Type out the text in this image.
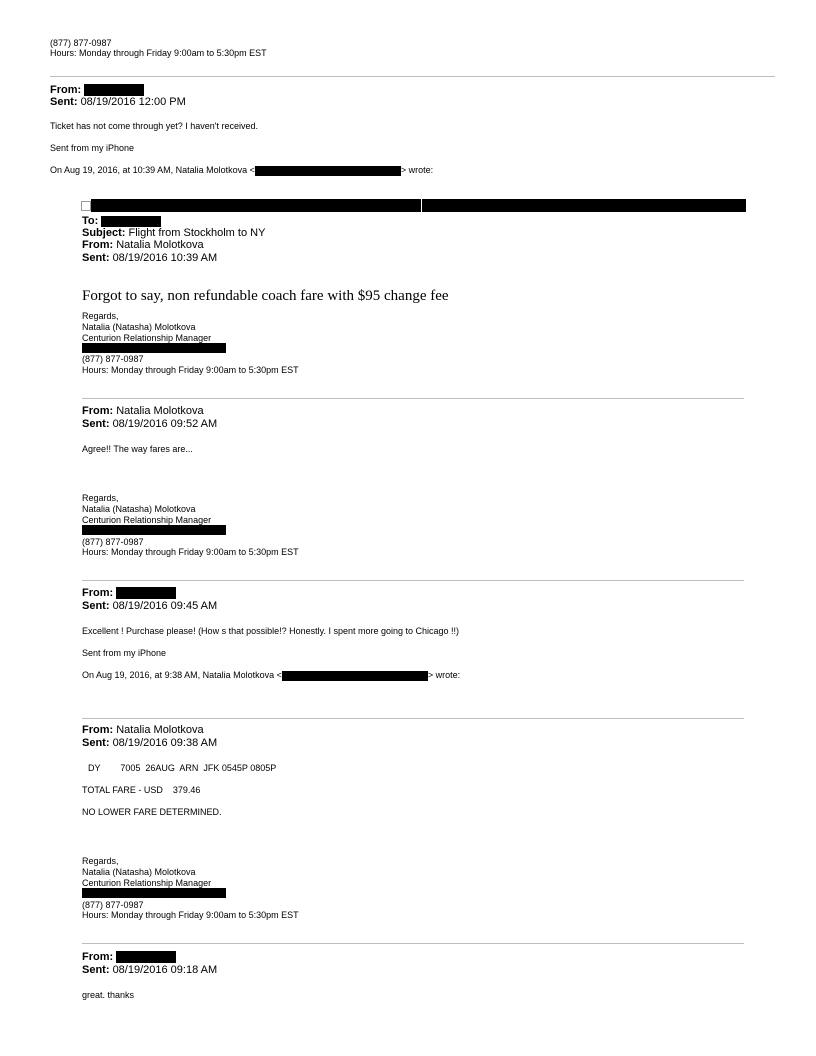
(877) 877-0987
Hours: Monday through Friday 9:00am to 5:30pm EST
From:
Sent: 08/19/2016 12:00 PM
Ticket has not come through yet? I haven't received.
Sent from my iPhone
On Aug 19, 2016, at 10:39 AM, Natalia Molotkova <	> wrote:
To:
Subject: Flight from Stockholm to NY
From: Natalia Molotkova
Sent: 08/19/2016 10:39 AM
Forgot to say, non refundable coach fare with $95 change fee
Regards,
Natalia (Natasha) Molotkova
Centurion Relationship Manager
(877) 877-0987
Hours: Monday through Friday 9:00am to 5:30pm EST
From: Natalia Molotkova
Sent: 08/19/2016 09:52 AM
Agree!! The way fares are...
Regards,
Natalia (Natasha) Molotkova
Centurion Relationship Manager
(877) 877-0987
Hours: Monday through Friday 9:00am to 5:30pm EST
From:
Sent: 08/19/2016 09:45 AM
Excellent ! Purchase please! (How s that possible!? Honestly. I spent more going to Chicago !!)
Sent from my iPhone
On Aug 19, 2016, at 9:38 AM, Natalia Molotkova <	> wrote:
From: Natalia Molotkova
Sent: 08/19/2016 09:38 AM
DY        7005  26AUG  ARN  JFK 0545P 0805P
TOTAL FARE - USD    379.46
NO LOWER FARE DETERMINED.
Regards,
Natalia (Natasha) Molotkova
Centurion Relationship Manager
(877) 877-0987
Hours: Monday through Friday 9:00am to 5:30pm EST
From:
Sent: 08/19/2016 09:18 AM
great. thanks
